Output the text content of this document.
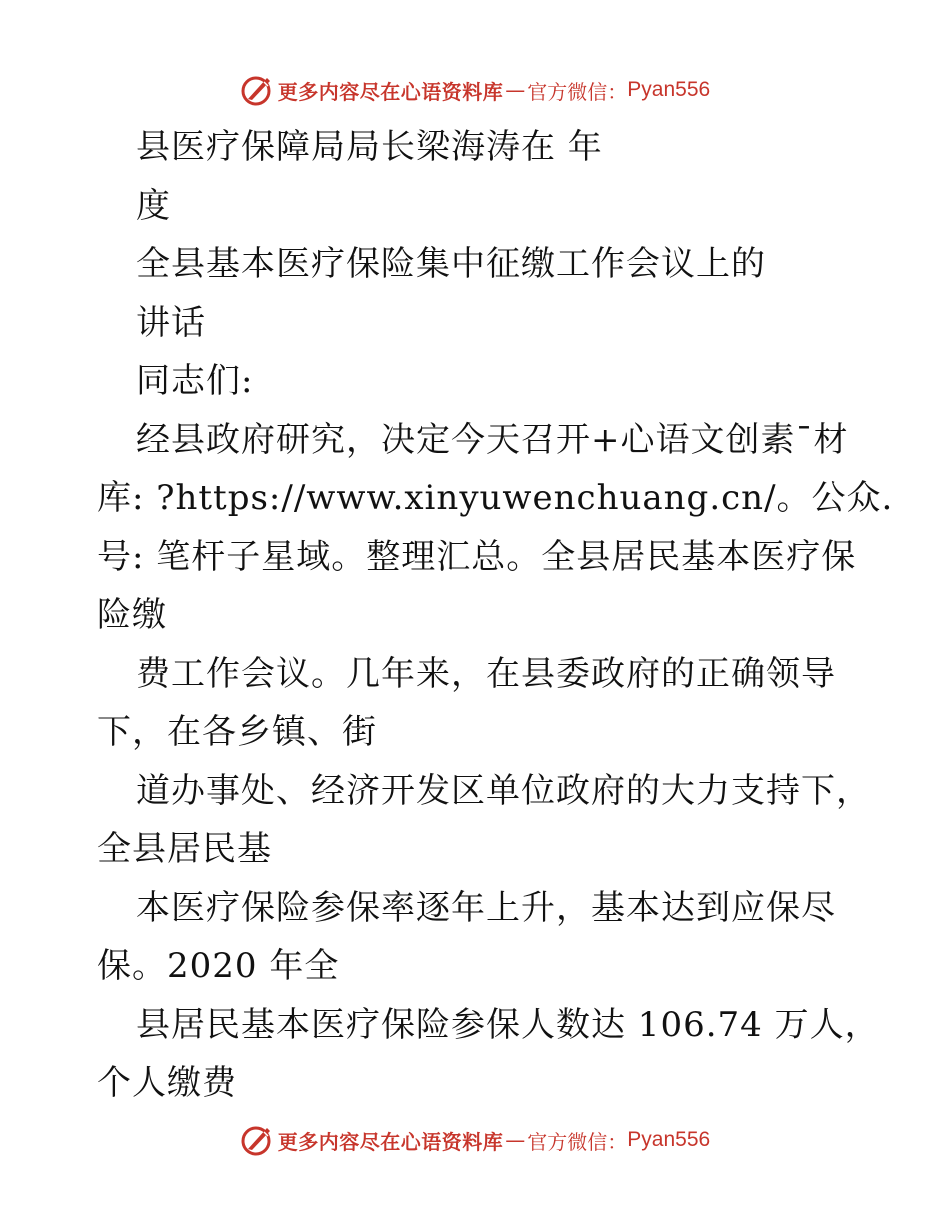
更多内容尽在心语资料库 — 官方微信： Pyan556
县医疗保障局局长梁海涛在 年
度
全县基本医疗保险集中征缴工作会议上的
讲话
同志们:
经县政府研究，决定今天召开+心语文创素¯材
库: ?https://www.xinyuwenchuang.cn/。公众.
号: 笔杆子星域。整理汇总。全县居民基本医疗保
险缴
费工作会议。几年来，在县委政府的正确领导
下，在各乡镇、街
道办事处、经济开发区单位政府的大力支持下，
全县居民基
本医疗保险参保率逐年上升，基本达到应保尽
保。2020 年全
县居民基本医疗保险参保人数达 106.74 万人，
个人缴费
更多内容尽在心语资料库 — 官方微信： Pyan556
